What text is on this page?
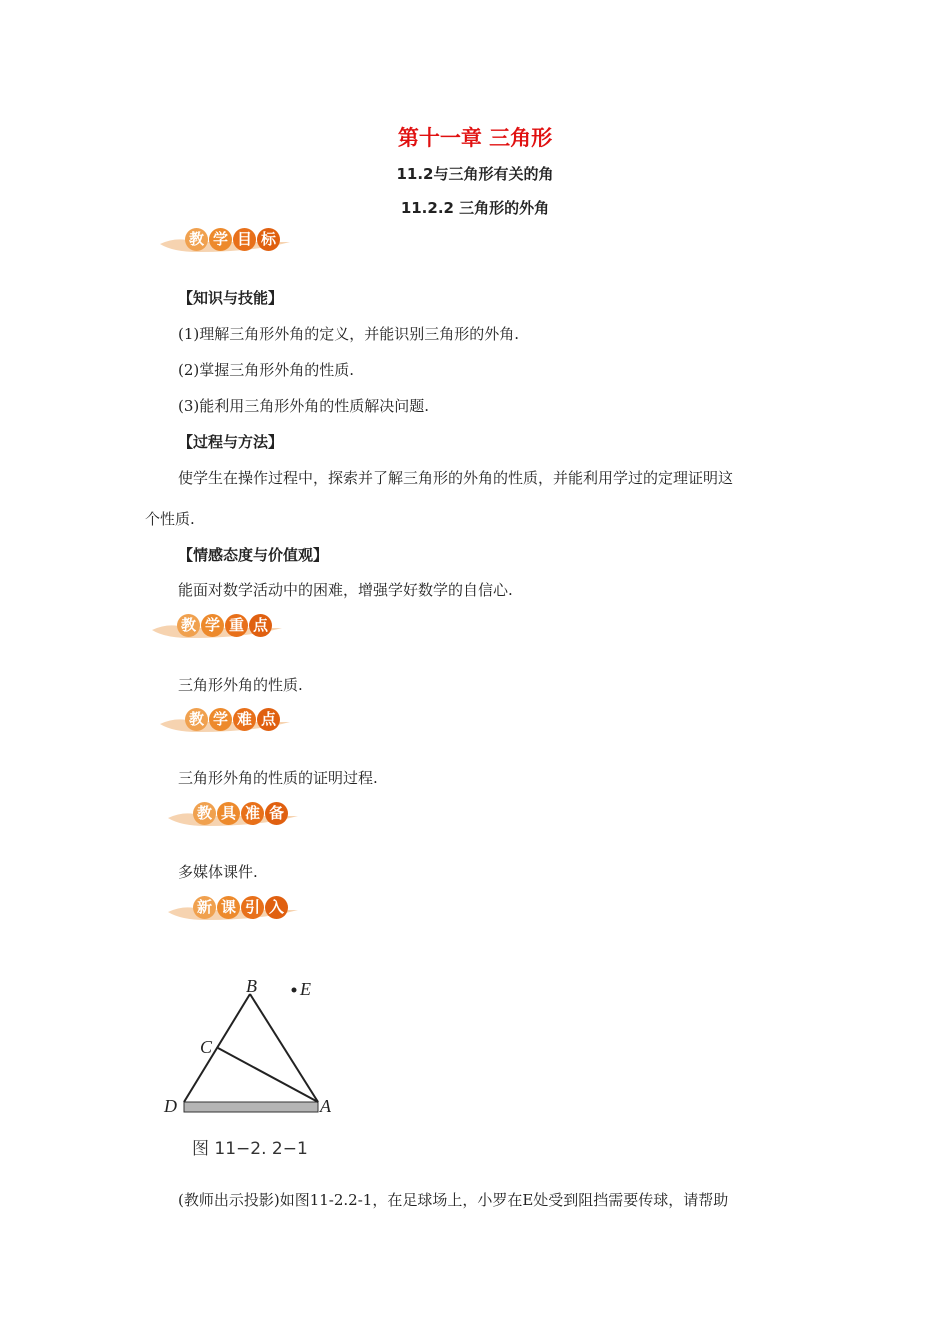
第十一章 三角形
11.2与三角形有关的角
11.2.2 三角形的外角
教 学 目 标
【知识与技能】
(1)理解三角形外角的定义，并能识别三角形的外角.
(2)掌握三角形外角的性质.
(3)能利用三角形外角的性质解决问题.
【过程与方法】
使学生在操作过程中，探索并了解三角形的外角的性质，并能利用学过的定理证明这
个性质.
【情感态度与价值观】
能面对数学活动中的困难，增强学好数学的自信心.
教 学 重 点
三角形外角的性质.
教 学 难 点
三角形外角的性质的证明过程.
教 具 准 备
多媒体课件.
新 课 引 入
B E
C
D	A
图 11−2. 2−1
(教师出示投影)如图11-2.2-1，在足球场上，小罗在E处受到阻挡需要传球，请帮助
